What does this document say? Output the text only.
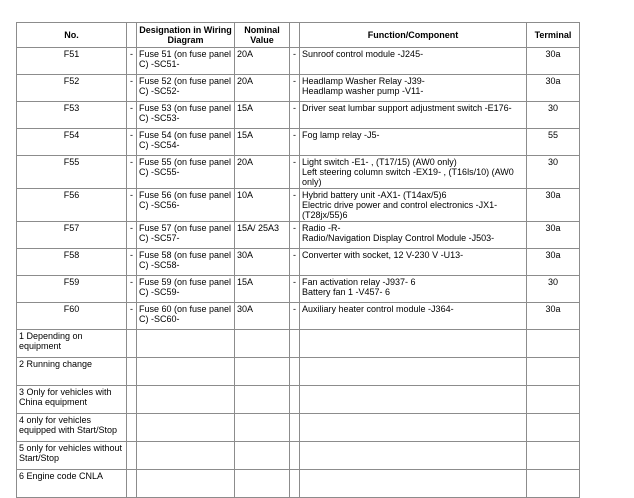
No.		Designation in Wiring Diagram	Nominal Value		Function/Component	Terminal
F51	-	Fuse 51 (on fuse panel C) -SC51-	20A	-	Sunroof control module -J245-	30a
F52	-	Fuse 52 (on fuse panel C) -SC52-	20A	-	Headlamp Washer Relay -J39-
Headlamp washer pump -V11-	30a
F53	-	Fuse 53 (on fuse panel C) -SC53-	15A	-	Driver seat lumbar support adjustment switch -E176-	30
F54	-	Fuse 54 (on fuse panel C) -SC54-	15A	-	Fog lamp relay -J5-	55
F55	-	Fuse 55 (on fuse panel C) -SC55-	20A	-	Light switch -E1- , (T17/15) (AW0 only)
Left steering column switch -EX19- , (T16ls/10) (AW0 only)	30
F56	-	Fuse 56 (on fuse panel C) -SC56-	10A	-	Hybrid battery unit -AX1- (T14ax/5)6
Electric drive power and control electronics -JX1- (T28jx/55)6	30a
F57	-	Fuse 57 (on fuse panel C) -SC57-	15A/ 25A3	-	Radio -R-
Radio/Navigation Display Control Module -J503-	30a
F58	-	Fuse 58 (on fuse panel C) -SC58-	30A	-	Converter with socket, 12 V-230 V -U13-	30a
F59	-	Fuse 59 (on fuse panel C) -SC59-	15A	-	Fan activation relay -J937- 6
Battery fan 1 -V457- 6	30
F60	-	Fuse 60 (on fuse panel C) -SC60-	30A	-	Auxiliary heater control module -J364-	30a
1 Depending on equipment						
2 Running change						
3 Only for vehicles with China equipment						
4 only for vehicles equipped with Start/Stop						
5 only for vehicles without Start/Stop						
6 Engine code CNLA						
